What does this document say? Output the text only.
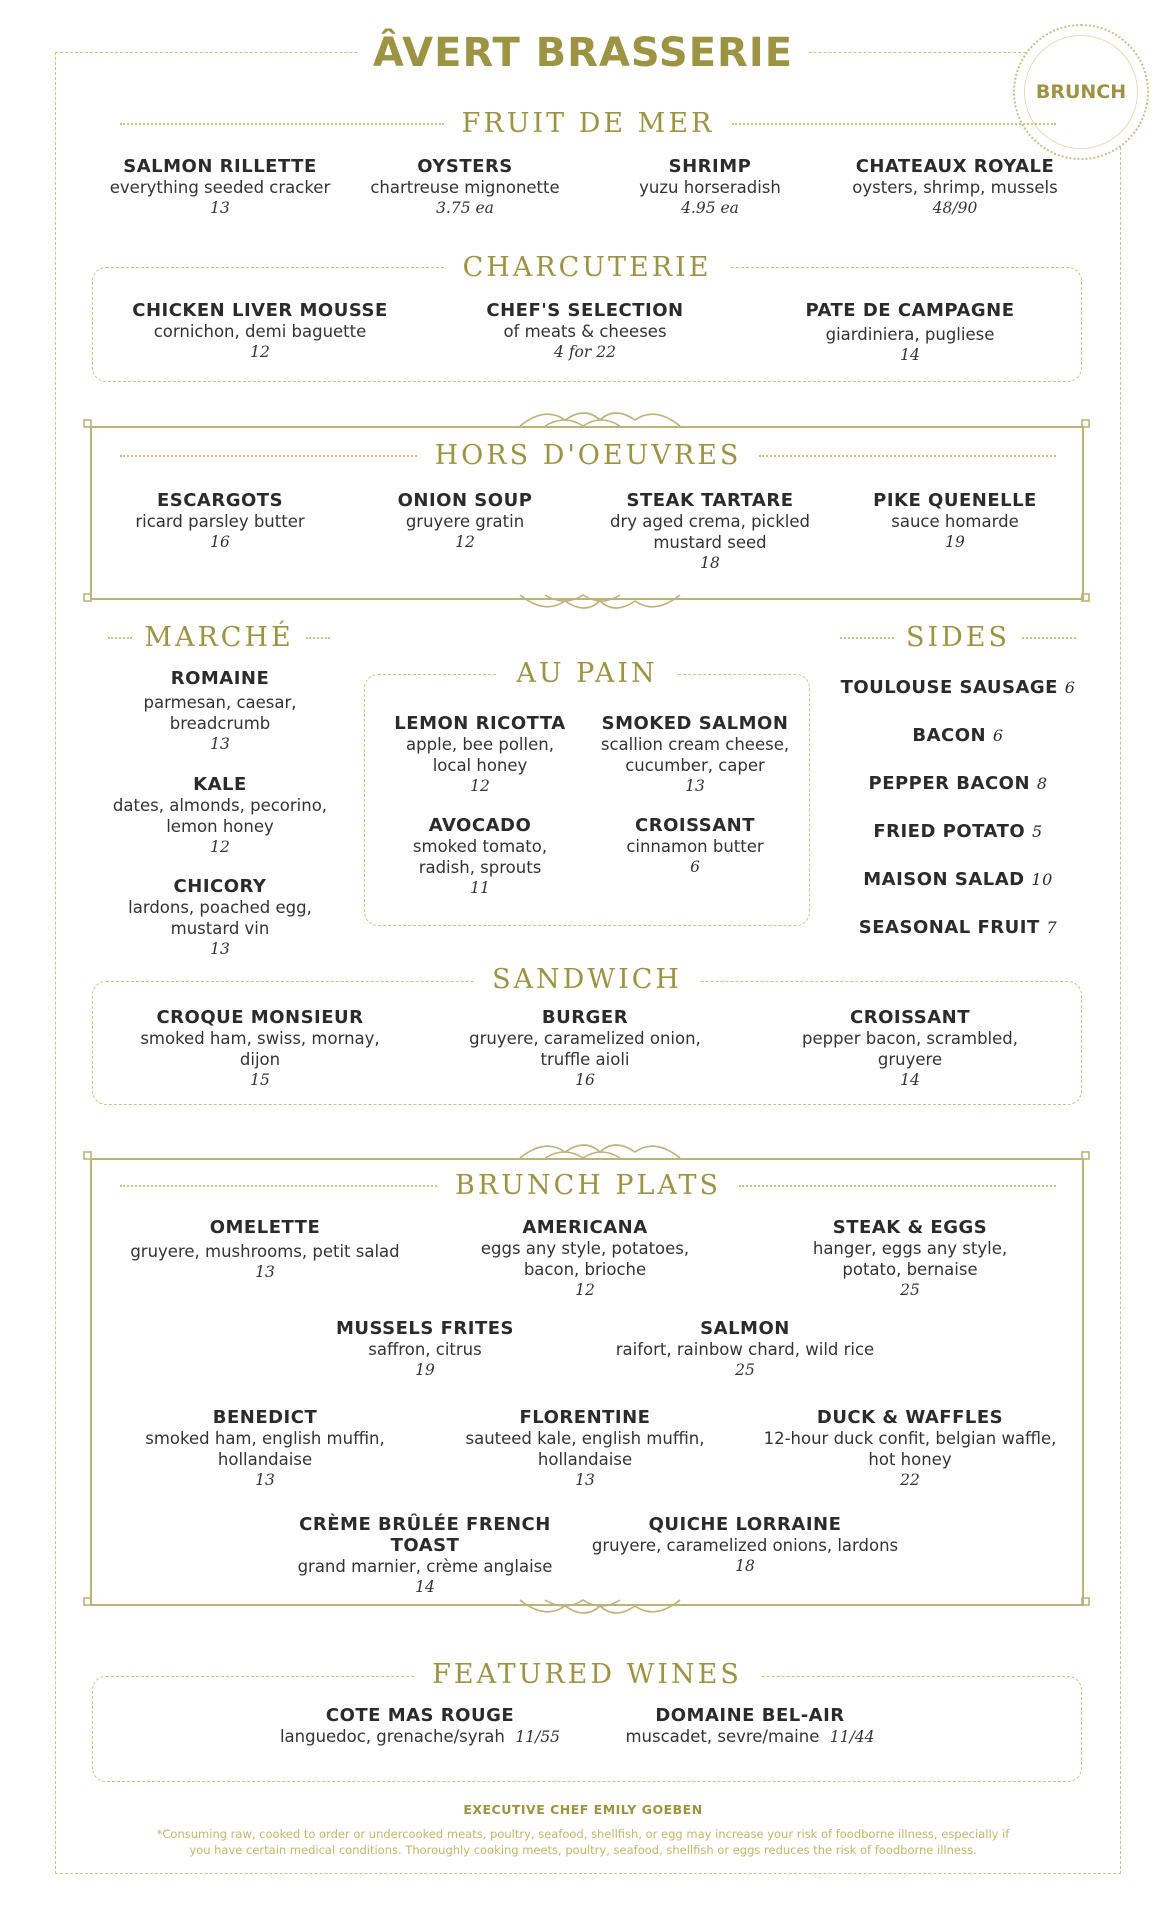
ÂVERT BRASSERIE
BRUNCH
FRUIT DE MER
SALMON RILLETTE
everything seeded cracker
13
OYSTERS
chartreuse mignonette
3.75 ea
SHRIMP
yuzu horseradish
4.95 ea
CHATEAUX ROYALE
oysters, shrimp, mussels
48/90
CHARCUTERIE
CHICKEN LIVER MOUSSE
cornichon, demi baguette
12
CHEF'S SELECTION
of meats & cheeses
4 for 22
PATE DE CAMPAGNE
giardiniera, pugliese
14
HORS D'OEUVRES
ESCARGOTS
ricard parsley butter
16
ONION SOUP
gruyere gratin
12
STEAK TARTARE
dry aged crema, pickled
mustard seed
18
PIKE QUENELLE
sauce homarde
19
MARCHÉ
ROMAINE
parmesan, caesar,
breadcrumb
13
KALE
dates, almonds, pecorino,
lemon honey
12
CHICORY
lardons, poached egg,
mustard vin
13
AU PAIN
LEMON RICOTTA
apple, bee pollen,
local honey
12
SMOKED SALMON
scallion cream cheese,
cucumber, caper
13
AVOCADO
smoked tomato,
radish, sprouts
11
CROISSANT
cinnamon butter
6
SIDES
TOULOUSE SAUSAGE 6
BACON 6
PEPPER BACON 8
FRIED POTATO 5
MAISON SALAD 10
SEASONAL FRUIT 7
SANDWICH
CROQUE MONSIEUR
smoked ham, swiss, mornay, dijon
15
BURGER
gruyere, caramelized onion,
truffle aioli
16
CROISSANT
pepper bacon, scrambled,
gruyere
14
BRUNCH PLATS
OMELETTE
gruyere, mushrooms, petit salad
13
AMERICANA
eggs any style, potatoes,
bacon, brioche
12
STEAK & EGGS
hanger, eggs any style,
potato, bernaise
25
MUSSELS FRITES
saffron, citrus
19
SALMON
raifort, rainbow chard, wild rice
25
BENEDICT
smoked ham, english muffin,
hollandaise
13
FLORENTINE
sauteed kale, english muffin,
hollandaise
13
DUCK & WAFFLES
12-hour duck confit, belgian waffle,
hot honey
22
CRÈME BRÛLÉE FRENCH TOAST
grand marnier, crème anglaise
14
QUICHE LORRAINE
gruyere, caramelized onions, lardons
18
FEATURED WINES
COTE MAS ROUGE
languedoc, grenache/syrah 11/55
DOMAINE BEL-AIR
muscadet, sevre/maine 11/44
EXECUTIVE CHEF EMILY GOEBEN
*Consuming raw, cooked to order or undercooked meats, poultry, seafood, shellfish, or egg may increase your risk of foodborne illness, especially if you have certain medical conditions. Thoroughly cooking meets, poultry, seafood, shellfish or eggs reduces the risk of foodborne illness.
